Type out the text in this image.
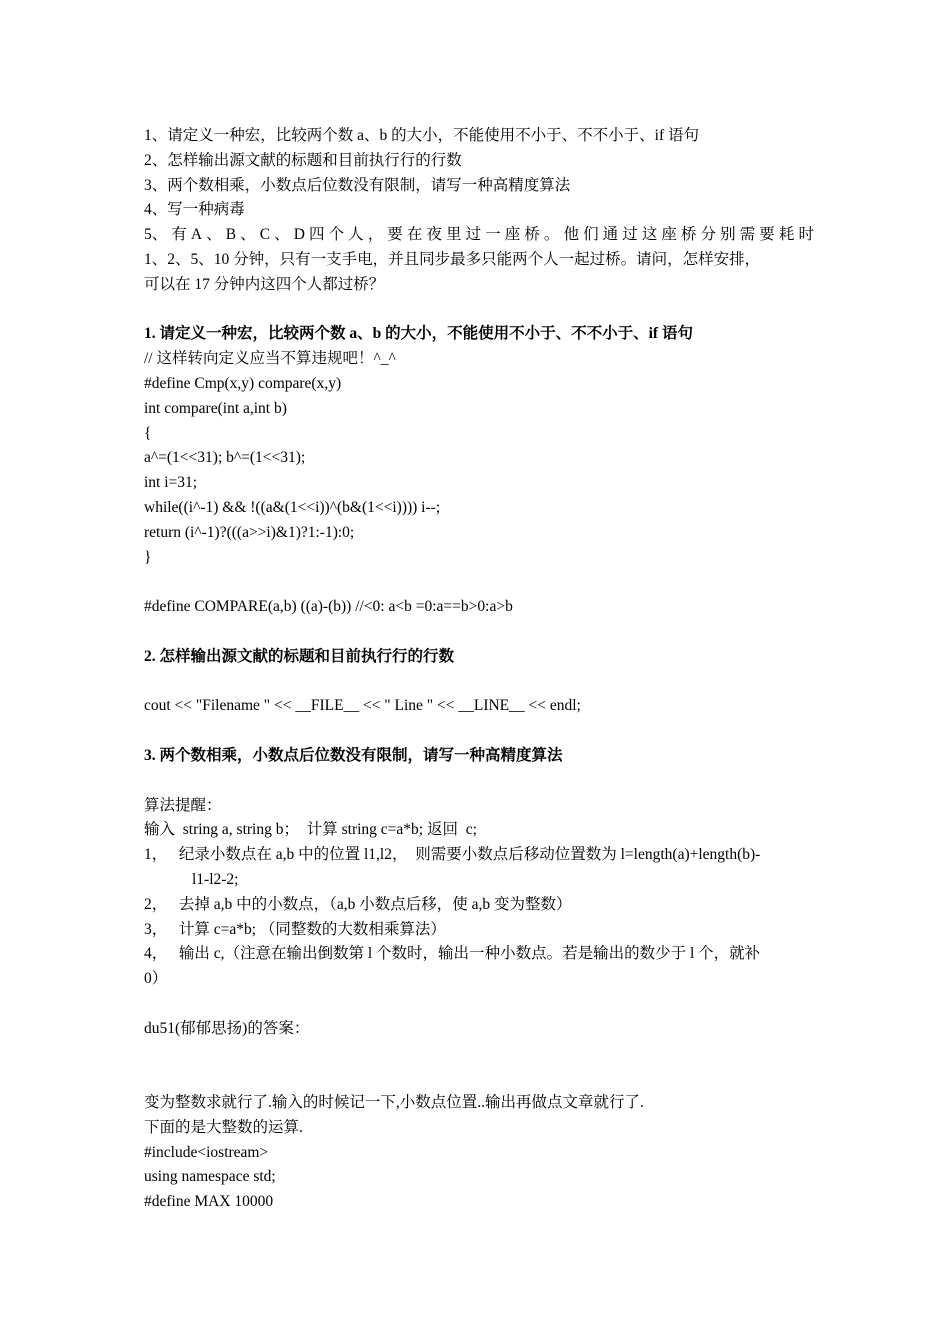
1、请定义一种宏，比较两个数 a、b 的大小，不能使用不小于、不不小于、if 语句
2、怎样输出源文献的标题和目前执行行的行数
3、两个数相乘，小数点后位数没有限制，请写一种高精度算法
4、写一种病毒
5、 有 A 、 B 、 C 、 D 四 个 人 ， 要 在 夜 里 过 一 座 桥 。 他 们 通 过 这 座 桥 分 别 需 要 耗 时
1、2、5、10 分钟，只有一支手电，并且同步最多只能两个人一起过桥。请问，怎样安排，
可以在 17 分钟内这四个人都过桥？
1. 请定义一种宏，比较两个数 a、b 的大小，不能使用不小于、不不小于、if 语句
// 这样转向定义应当不算违规吧！^_^
#define Cmp(x,y) compare(x,y)
int compare(int a,int b)
{
a^=(1<<31); b^=(1<<31);
int i=31;
while((i^-1) && !((a&(1<<i))^(b&(1<<i)))) i--;
return (i^-1)?(((a>>i)&1)?1:-1):0;
}
#define COMPARE(a,b) ((a)-(b)) //<0: a<b =0:a==b>0:a>b
2. 怎样输出源文献的标题和目前执行行的行数
cout << "Filename " << __FILE__ << " Line " << __LINE__ << endl;
3. 两个数相乘，小数点后位数没有限制，请写一种高精度算法
算法提醒：
输入  string a, string b；  计算 string c=a*b; 返回  c;
1，   纪录小数点在 a,b 中的位置 l1,l2，  则需要小数点后移动位置数为 l=length(a)+length(b)-
l1-l2-2;
2，   去掉 a,b 中的小数点，（a,b 小数点后移，使 a,b 变为整数）
3，   计算 c=a*b; （同整数的大数相乘算法）
4，   输出 c,（注意在输出倒数第 l 个数时，输出一种小数点。若是输出的数少于 l 个，就补
0）
du51(郁郁思扬)的答案：
变为整数求就行了.输入的时候记一下,小数点位置..输出再做点文章就行了.
下面的是大整数的运算.
#include<iostream>
using namespace std;
#define MAX 10000
